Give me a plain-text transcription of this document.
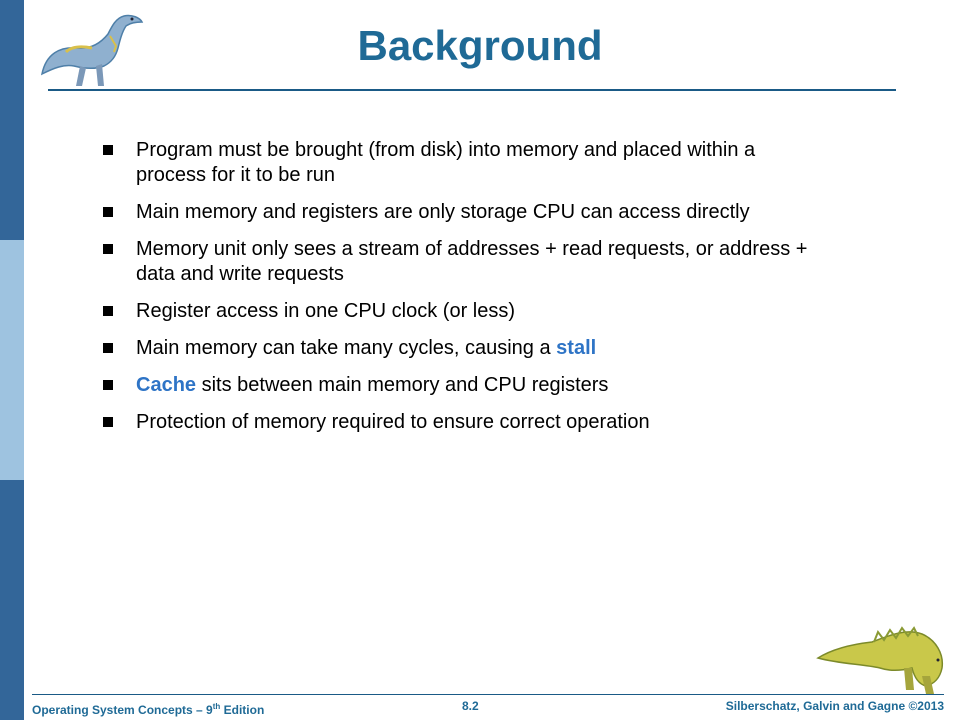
Background
Program must be brought (from disk) into memory and placed within a process for it to be run
Main memory and registers are only storage CPU can access directly
Memory unit only sees a stream of addresses + read requests, or address + data and write requests
Register access in one CPU clock (or less)
Main memory can take many cycles, causing a stall
Cache sits between main memory and CPU registers
Protection of memory required to ensure correct operation
Operating System Concepts – 9th Edition	8.2	Silberschatz, Galvin and Gagne ©2013
